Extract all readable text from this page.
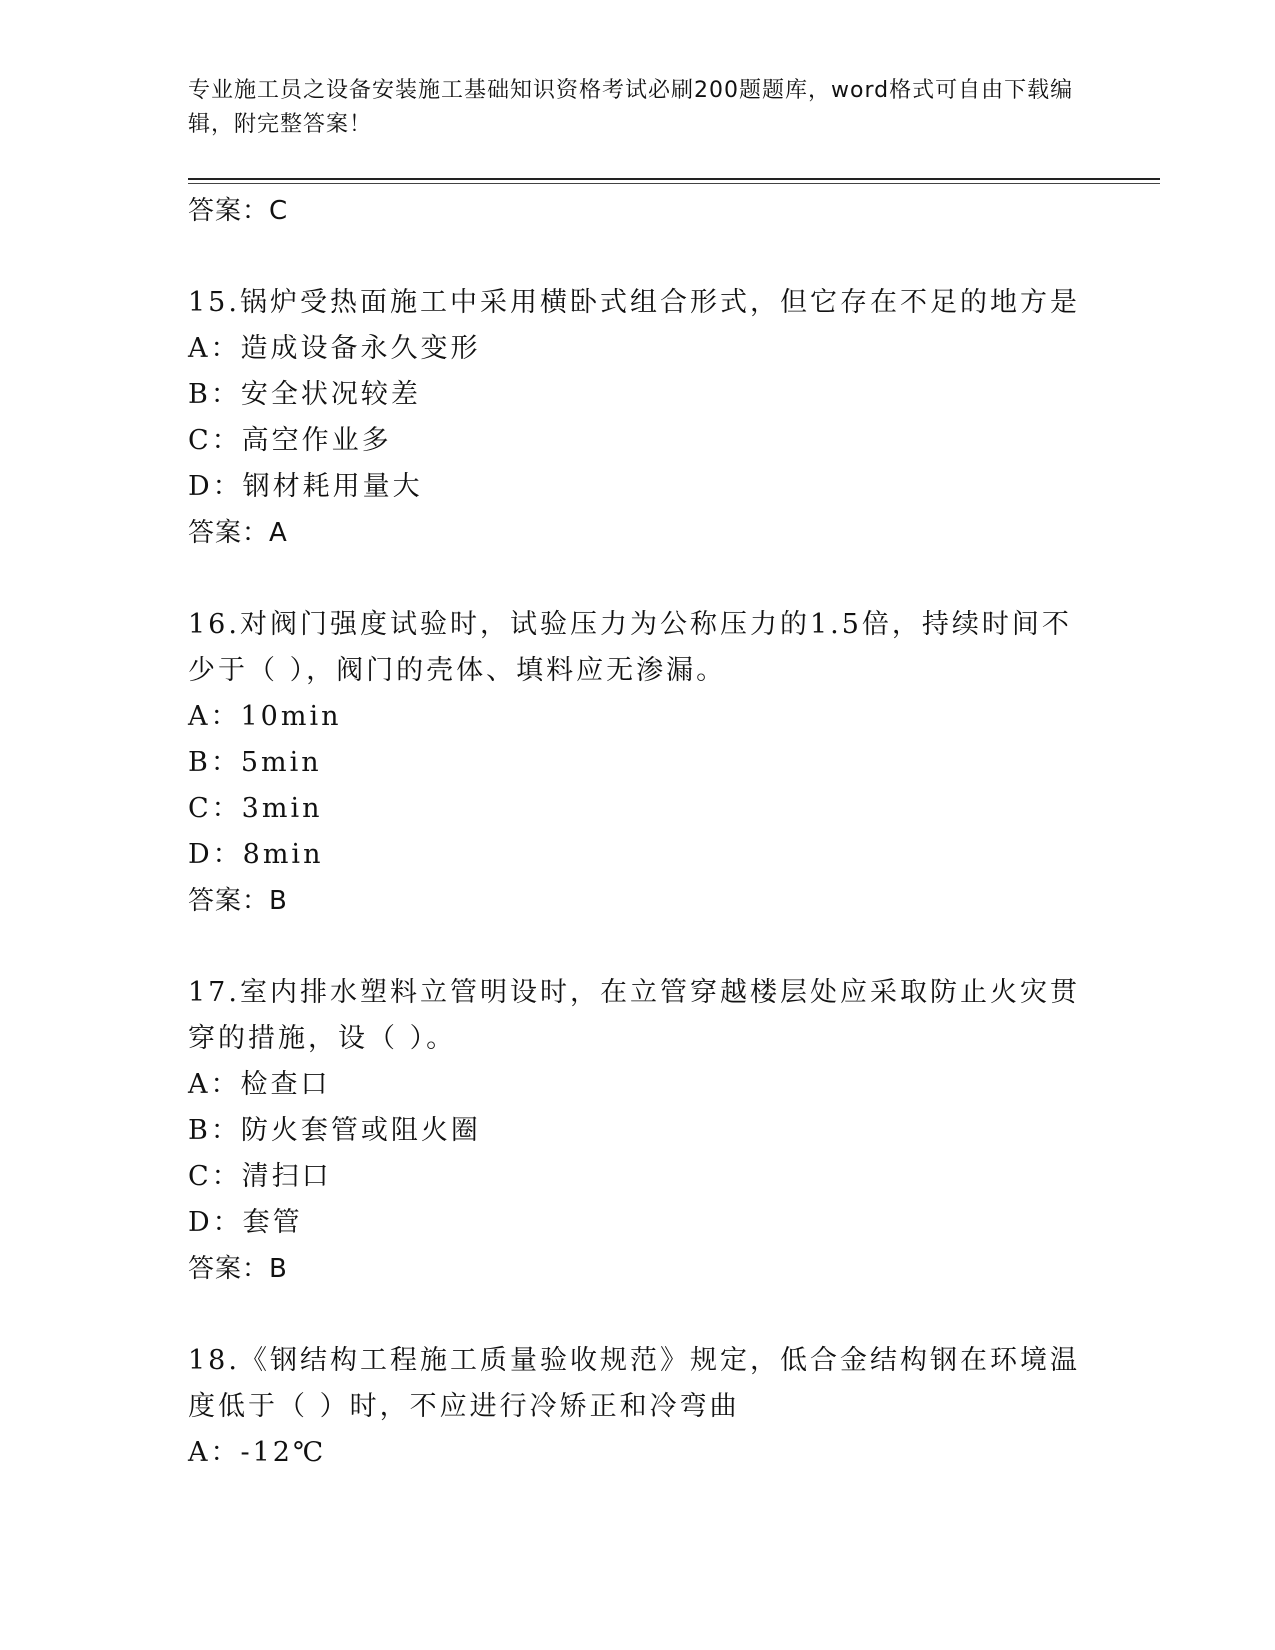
专业施工员之设备安装施工基础知识资格考试必刷200题题库，word格式可自由下载编辑，附完整答案！
答案：C
15.锅炉受热面施工中采用横卧式组合形式，但它存在不足的地方是
A：造成设备永久变形
B：安全状况较差
C：高空作业多
D：钢材耗用量大
答案：A
16.对阀门强度试验时，试验压力为公称压力的1.5倍，持续时间不少于（ ），阀门的壳体、填料应无渗漏。
A：10min
B：5min
C：3min
D：8min
答案：B
17.室内排水塑料立管明设时，在立管穿越楼层处应采取防止火灾贯穿的措施，设（ ）。
A：检查口
B：防火套管或阻火圈
C：清扫口
D：套管
答案：B
18.《钢结构工程施工质量验收规范》规定，低合金结构钢在环境温度低于（ ）时，不应进行冷矫正和冷弯曲
A：-12℃
